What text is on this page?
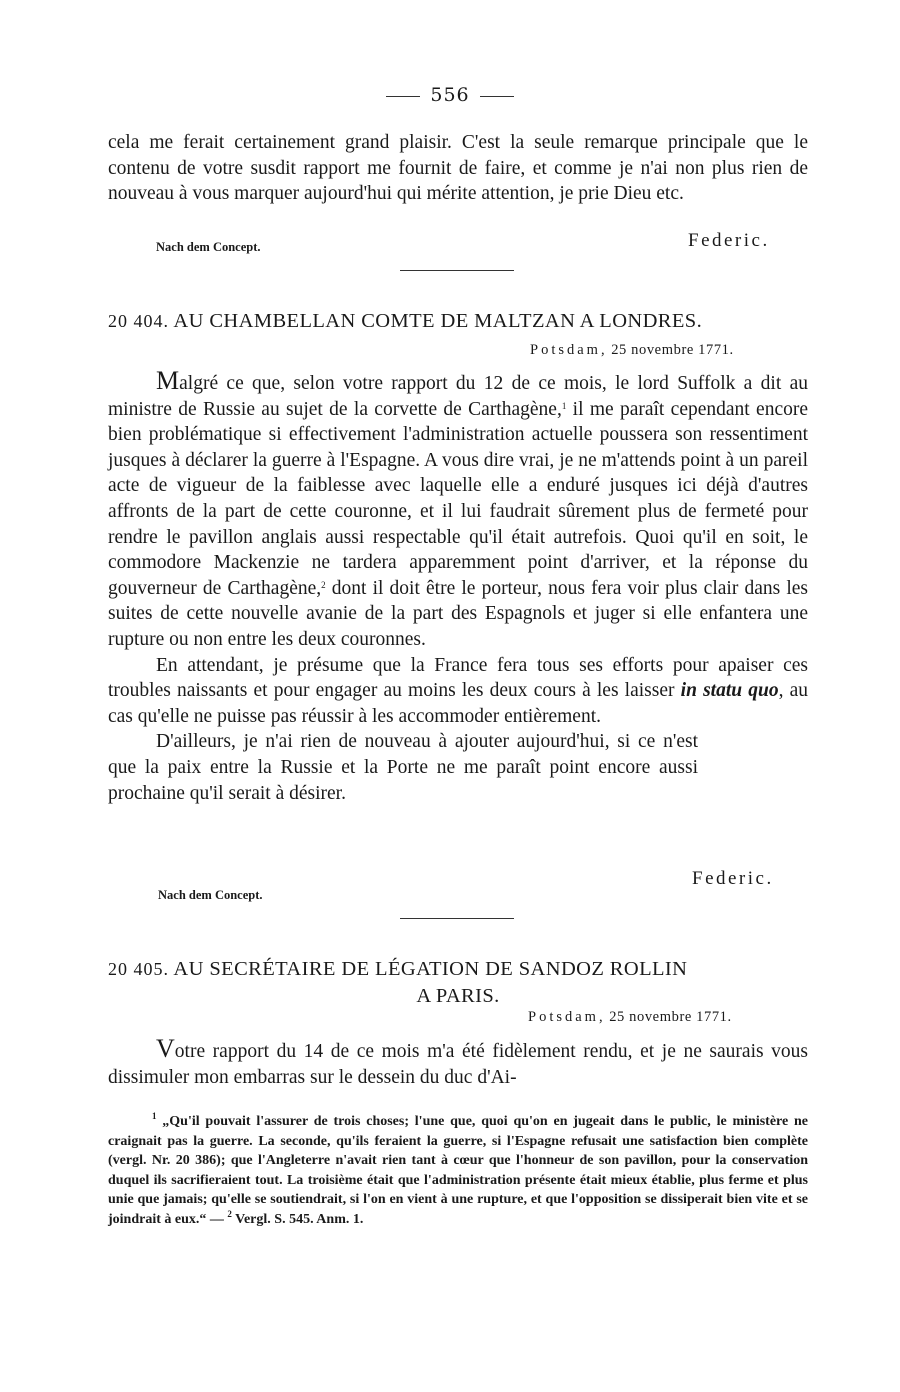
556

cela me ferait certainement grand plaisir. C'est la seule remarque principale que le contenu de votre susdit rapport me fournit de faire, et comme je n'ai non plus rien de nouveau à vous marquer aujourd'hui qui mérite attention, je prie Dieu etc.

Nach dem Concept.	Federic.
20 404. AU CHAMBELLAN COMTE DE MALTZAN A LONDRES.
Potsdam, 25 novembre 1771.

Malgré ce que, selon votre rapport du 12 de ce mois, le lord Suffolk a dit au ministre de Russie au sujet de la corvette de Carthagène,$^1$ il me paraît cependant encore bien problématique si effectivement l'administration actuelle poussera son ressentiment jusques à déclarer la guerre à l'Espagne. A vous dire vrai, je ne m'attends point à un pareil acte de vigueur de la faiblesse avec laquelle elle a enduré jusques ici déjà d'autres affronts de la part de cette couronne, et il lui faudrait sûrement plus de fermeté pour rendre le pavillon anglais aussi respectable qu'il était autrefois. Quoi qu'il en soit, le commodore Mackenzie ne tardera apparemment point d'arriver, et la réponse du gouverneur de Carthagène,$^2$ dont il doit être le porteur, nous fera voir plus clair dans les suites de cette nouvelle avanie de la part des Espagnols et juger si elle enfantera une rupture ou non entre les deux couronnes.

En attendant, je présume que la France fera tous ses efforts pour apaiser ces troubles naissants et pour engager au moins les deux cours à les laisser in statu quo, au cas qu'elle ne puisse pas réussir à les accommoder entièrement.

D'ailleurs, je n'ai rien de nouveau à ajouter aujourd'hui, si ce n'est que la paix entre la Russie et la Porte ne me paraît point encore aussi prochaine qu'il serait à désirer.

Nach dem Concept.
Federic.
20 405. AU SECRÉTAIRE DE LÉGATION DE SANDOZ ROLLIN
A PARIS.
Potsdam, 25 novembre 1771.

Votre rapport du 14 de ce mois m'a été fidèlement rendu, et je ne saurais vous dissimuler mon embarras sur le dessein du duc d'Ai-

$^1$ „Qu'il pouvait l'assurer de trois choses; l'une que, quoi qu'on en jugeait dans le public, le ministère ne craignait pas la guerre. La seconde, qu'ils feraient la guerre, si l'Espagne refusait une satisfaction bien complète (vergl. Nr. 20 386); que l'Angleterre n'avait rien tant à cœur que l'honneur de son pavillon, pour la conservation duquel ils sacrifieraient tout. La troisième était que l'administration présente était mieux établie, plus ferme et plus unie que jamais; qu'elle se soutiendrait, si l'on en vient à une rupture, et que l'opposition se dissiperait bien vite et se joindrait à eux.“ — $^2$ Vergl. S. 545. Anm. 1.
